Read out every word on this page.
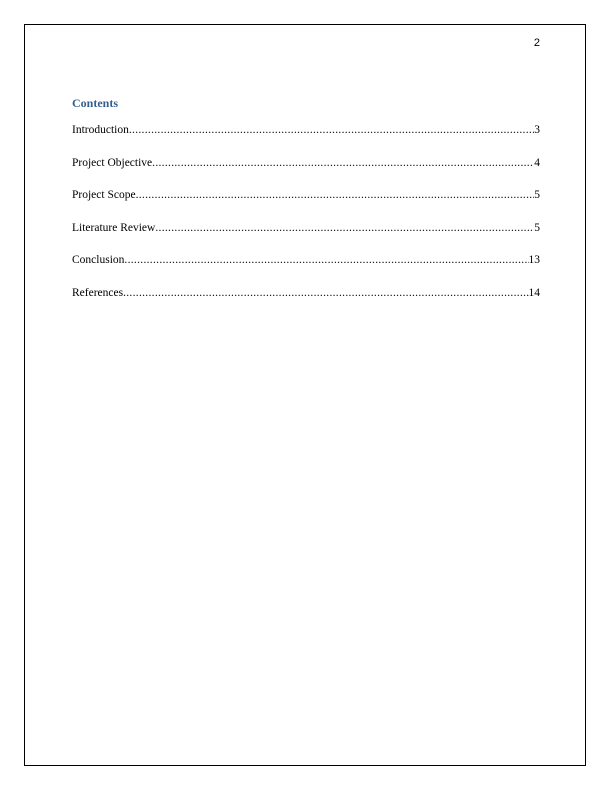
2
Contents
Introduction .....	3
Project Objective .....	4
Project Scope .....	5
Literature Review .....	5
Conclusion .....	13
References .....	14
